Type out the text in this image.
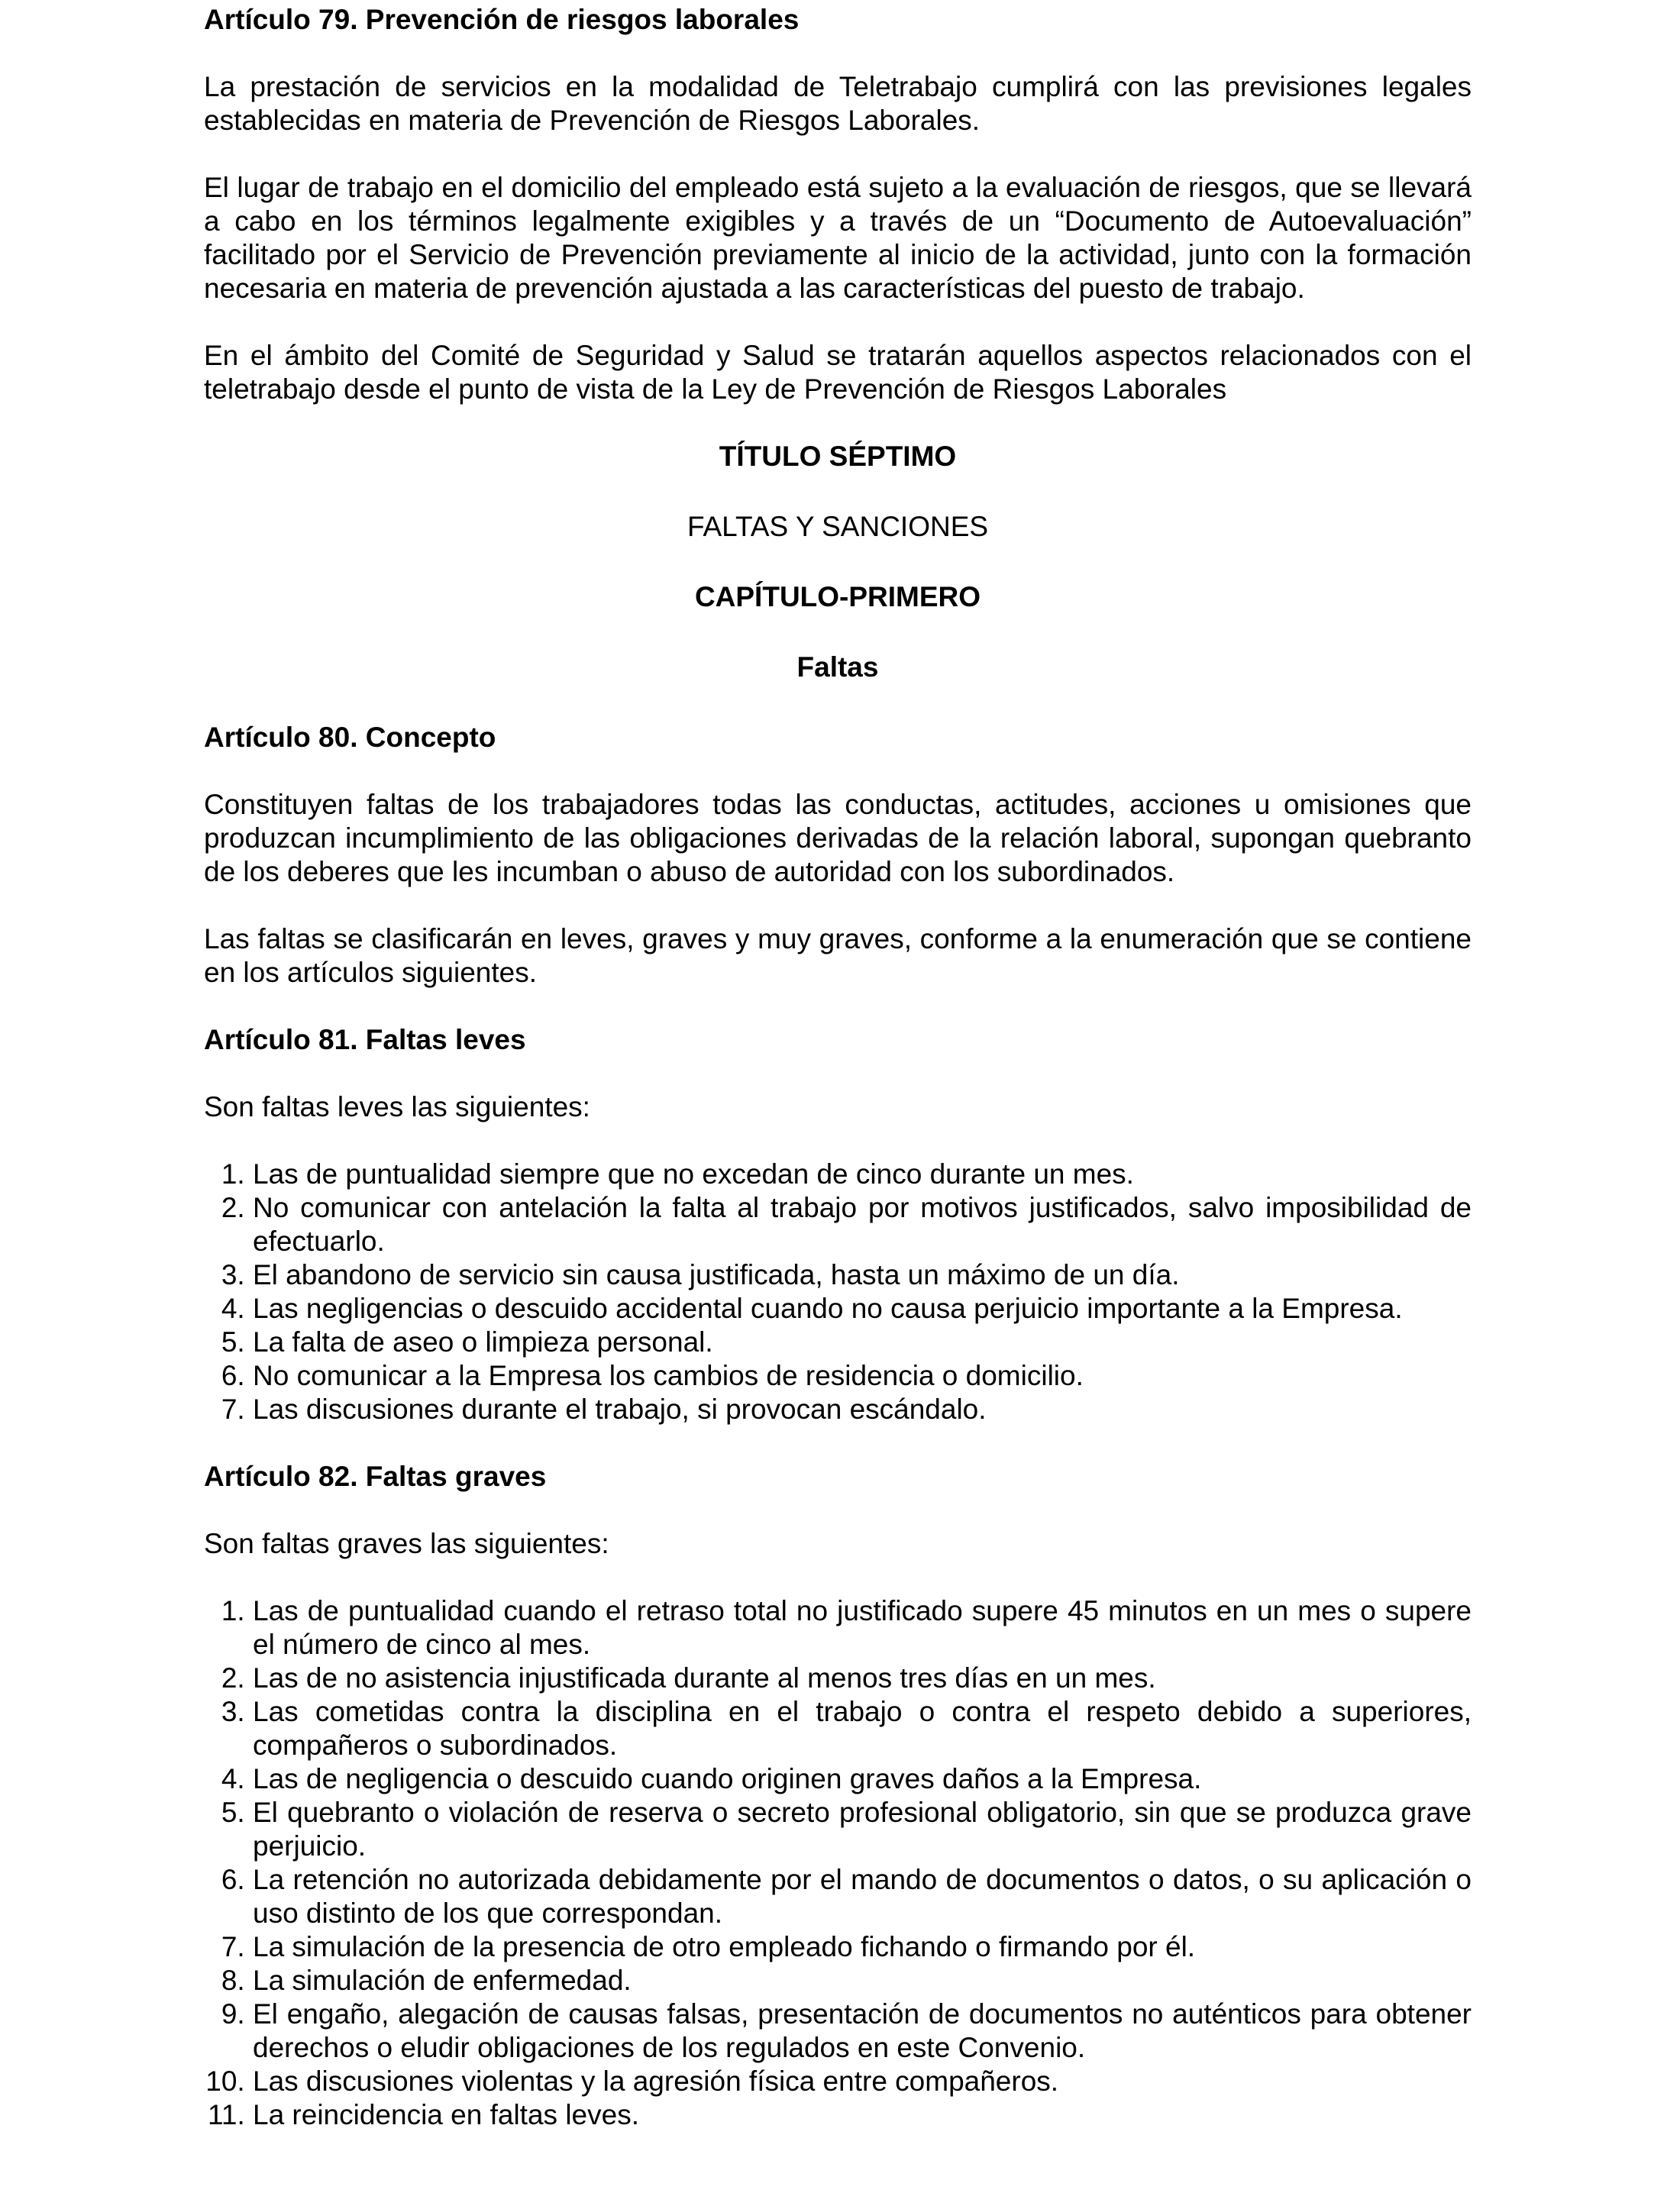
Artículo 79. Prevención de riesgos laborales

La prestación de servicios en la modalidad de Teletrabajo cumplirá con las previsiones legales establecidas en materia de Prevención de Riesgos Laborales.

El lugar de trabajo en el domicilio del empleado está sujeto a la evaluación de riesgos, que se llevará a cabo en los términos legalmente exigibles y a través de un “Documento de Autoevaluación” facilitado por el Servicio de Prevención previamente al inicio de la actividad, junto con la formación necesaria en materia de prevención ajustada a las características del puesto de trabajo.

En el ámbito del Comité de Seguridad y Salud se tratarán aquellos aspectos relacionados con el teletrabajo desde el punto de vista de la Ley de Prevención de Riesgos Laborales

TÍTULO SÉPTIMO

FALTAS Y SANCIONES

CAPÍTULO-PRIMERO

Faltas

Artículo 80. Concepto

Constituyen faltas de los trabajadores todas las conductas, actitudes, acciones u omisiones que produzcan incumplimiento de las obligaciones derivadas de la relación laboral, supongan quebranto de los deberes que les incumban o abuso de autoridad con los subordinados.

Las faltas se clasificarán en leves, graves y muy graves, conforme a la enumeración que se contiene en los artículos siguientes.

Artículo 81. Faltas leves

Son faltas leves las siguientes:

1. Las de puntualidad siempre que no excedan de cinco durante un mes.
2. No comunicar con antelación la falta al trabajo por motivos justificados, salvo imposibilidad de efectuarlo.
3. El abandono de servicio sin causa justificada, hasta un máximo de un día.
4. Las negligencias o descuido accidental cuando no causa perjuicio importante a la Empresa.
5. La falta de aseo o limpieza personal.
6. No comunicar a la Empresa los cambios de residencia o domicilio.
7. Las discusiones durante el trabajo, si provocan escándalo.

Artículo 82. Faltas graves

Son faltas graves las siguientes:

1. Las de puntualidad cuando el retraso total no justificado supere 45 minutos en un mes o supere el número de cinco al mes.
2. Las de no asistencia injustificada durante al menos tres días en un mes.
3. Las cometidas contra la disciplina en el trabajo o contra el respeto debido a superiores, compañeros o subordinados.
4. Las de negligencia o descuido cuando originen graves daños a la Empresa.
5. El quebranto o violación de reserva o secreto profesional obligatorio, sin que se produzca grave perjuicio.
6. La retención no autorizada debidamente por el mando de documentos o datos, o su aplicación o uso distinto de los que correspondan.
7. La simulación de la presencia de otro empleado fichando o firmando por él.
8. La simulación de enfermedad.
9. El engaño, alegación de causas falsas, presentación de documentos no auténticos para obtener derechos o eludir obligaciones de los regulados en este Convenio.
10. Las discusiones violentas y la agresión física entre compañeros.
11. La reincidencia en faltas leves.
